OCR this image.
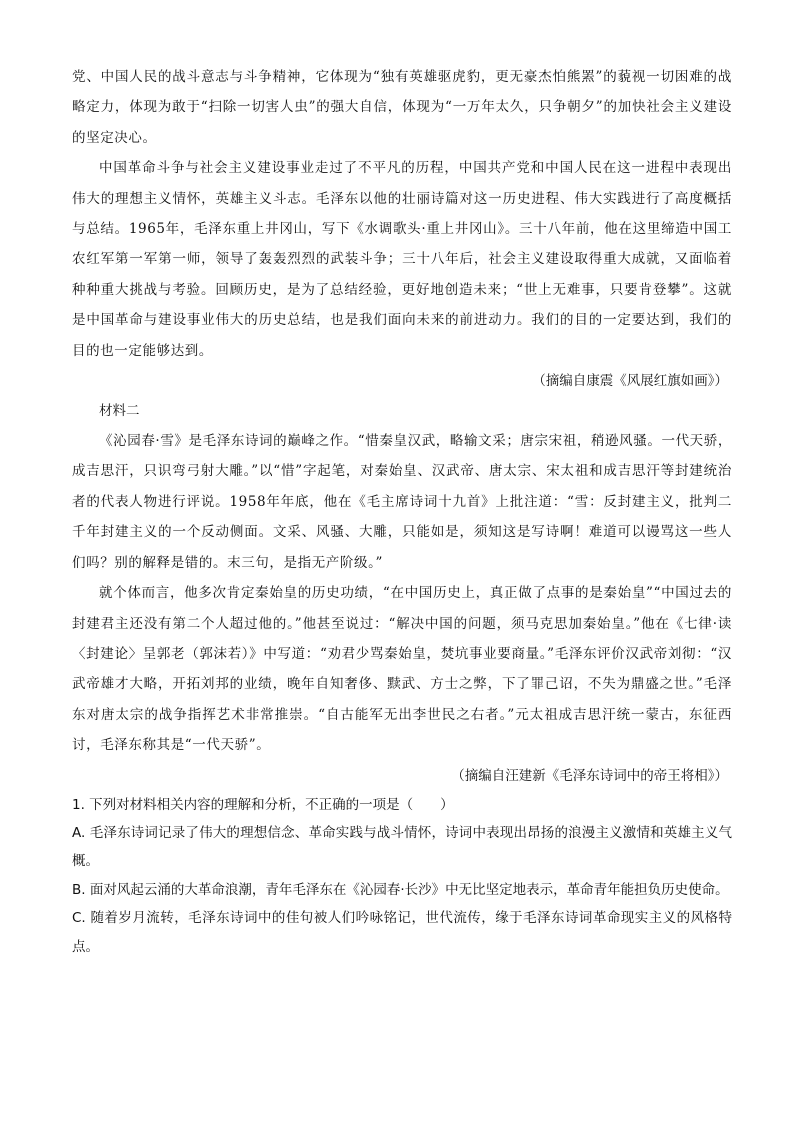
党、中国人民的战斗意志与斗争精神，它体现为“独有英雄驱虎豹，更无豪杰怕熊罴”的藐视一切困难的战略定力，体现为敢于“扫除一切害人虫”的强大自信，体现为“一万年太久，只争朝夕”的加快社会主义建设的坚定决心。

中国革命斗争与社会主义建设事业走过了不平凡的历程，中国共产党和中国人民在这一进程中表现出伟大的理想主义情怀，英雄主义斗志。毛泽东以他的壮丽诗篇对这一历史进程、伟大实践进行了高度概括与总结。1965年，毛泽东重上井冈山，写下《水调歌头·重上井冈山》。三十八年前，他在这里缔造中国工农红军第一军第一师，领导了轰轰烈烈的武装斗争；三十八年后，社会主义建设取得重大成就，又面临着种种重大挑战与考验。回顾历史，是为了总结经验，更好地创造未来；“世上无难事，只要肯登攀”。这就是中国革命与建设事业伟大的历史总结，也是我们面向未来的前进动力。我们的目的一定要达到，我们的目的也一定能够达到。

（摘编自康震《风展红旗如画》）

材料二

《沁园春·雪》是毛泽东诗词的巅峰之作。“惜秦皇汉武，略输文采；唐宗宋祖，稍逊风骚。一代天骄，成吉思汗，只识弯弓射大雕。”以“惜”字起笔，对秦始皇、汉武帝、唐太宗、宋太祖和成吉思汗等封建统治者的代表人物进行评说。1958年年底，他在《毛主席诗词十九首》上批注道：“雪：反封建主义，批判二千年封建主义的一个反动侧面。文采、风骚、大雕，只能如是，须知这是写诗啊！难道可以谩骂这一些人们吗？别的解释是错的。末三句，是指无产阶级。”

就个体而言，他多次肯定秦始皇的历史功绩，“在中国历史上，真正做了点事的是秦始皇”“中国过去的封建君主还没有第二个人超过他的。”他甚至说过：“解决中国的问题，须马克思加秦始皇。”他在《七律·读〈封建论〉呈郭老（郭沫若）》中写道：“劝君少骂秦始皇，焚坑事业要商量。”毛泽东评价汉武帝刘彻：“汉武帝雄才大略，开拓刘邦的业绩，晚年自知奢侈、黩武、方士之弊，下了罪己诏，不失为鼎盛之世。”毛泽东对唐太宗的战争指挥艺术非常推崇。“自古能军无出李世民之右者。”元太祖成吉思汗统一蒙古，东征西讨，毛泽东称其是“一代天骄”。

（摘编自汪建新《毛泽东诗词中的帝王将相》）

1. 下列对材料相关内容的理解和分析，不正确的一项是（　　）

A. 毛泽东诗词记录了伟大的理想信念、革命实践与战斗情怀，诗词中表现出昂扬的浪漫主义激情和英雄主义气概。

B. 面对风起云涌的大革命浪潮，青年毛泽东在《沁园春·长沙》中无比坚定地表示，革命青年能担负历史使命。

C. 随着岁月流转，毛泽东诗词中的佳句被人们吟咏铭记，世代流传，缘于毛泽东诗词革命现实主义的风格特点。
